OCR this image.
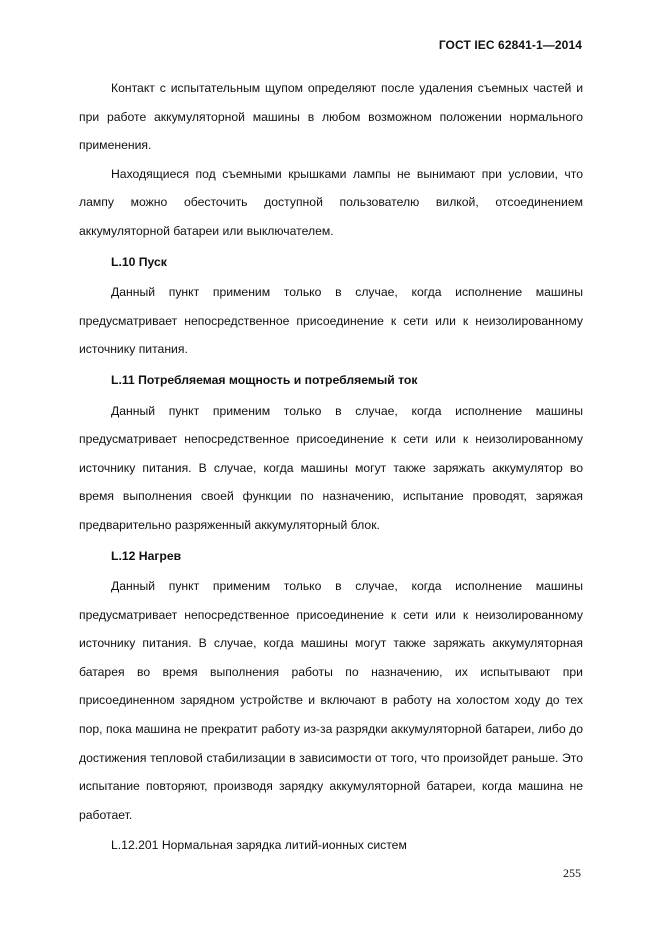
ГОСТ IEC 62841-1—2014

Контакт с испытательным щупом определяют после удаления съемных частей и при работе аккумуляторной машины в любом возможном положении нормального применения.

Находящиеся под съемными крышками лампы не вынимают при условии, что лампу можно обесточить доступной пользователю вилкой, отсоединением аккумуляторной батареи или выключателем.

L.10 Пуск

Данный пункт применим только в случае, когда исполнение машины предусматривает непосредственное присоединение к сети или к неизолированному источнику питания.

L.11 Потребляемая мощность и потребляемый ток

Данный пункт применим только в случае, когда исполнение машины предусматривает непосредственное присоединение к сети или к неизолированному источнику питания. В случае, когда машины могут также заряжать аккумулятор во время выполнения своей функции по назначению, испытание проводят, заряжая предварительно разряженный аккумуляторный блок.

L.12 Нагрев

Данный пункт применим только в случае, когда исполнение машины предусматривает непосредственное присоединение к сети или к неизолированному источнику питания. В случае, когда машины могут также заряжать аккумуляторная батарея во время выполнения работы по назначению, их испытывают при присоединенном зарядном устройстве и включают в работу на холостом ходу до тех пор, пока машина не прекратит работу из-за разрядки аккумуляторной батареи, либо до достижения тепловой стабилизации в зависимости от того, что произойдет раньше. Это испытание повторяют, производя зарядку аккумуляторной батареи, когда машина не работает.

L.12.201 Нормальная зарядка литий-ионных систем

255
